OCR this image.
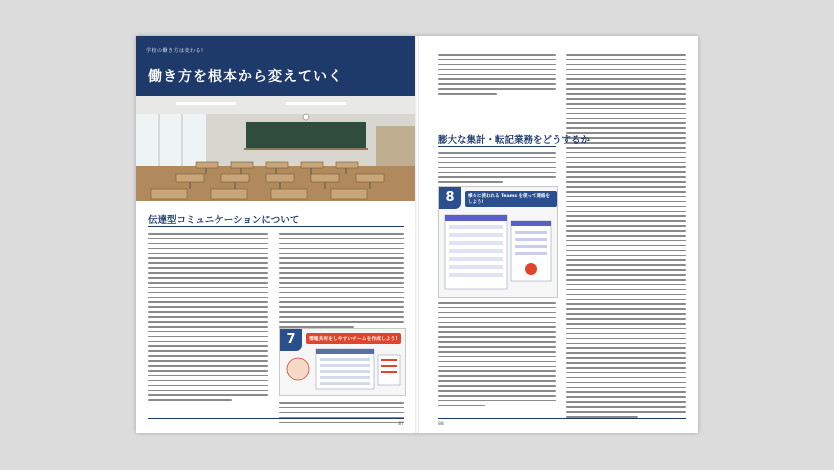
学校の働き方は変わる!
働き方を根本から変えていく
伝達型コミュニケーションについて
7	情報共有をしやすいチームを作成しよう!
87
膨大な集計・転記業務をどうするか
8	様々に使われる Teams を使って連絡をしよう!
88
